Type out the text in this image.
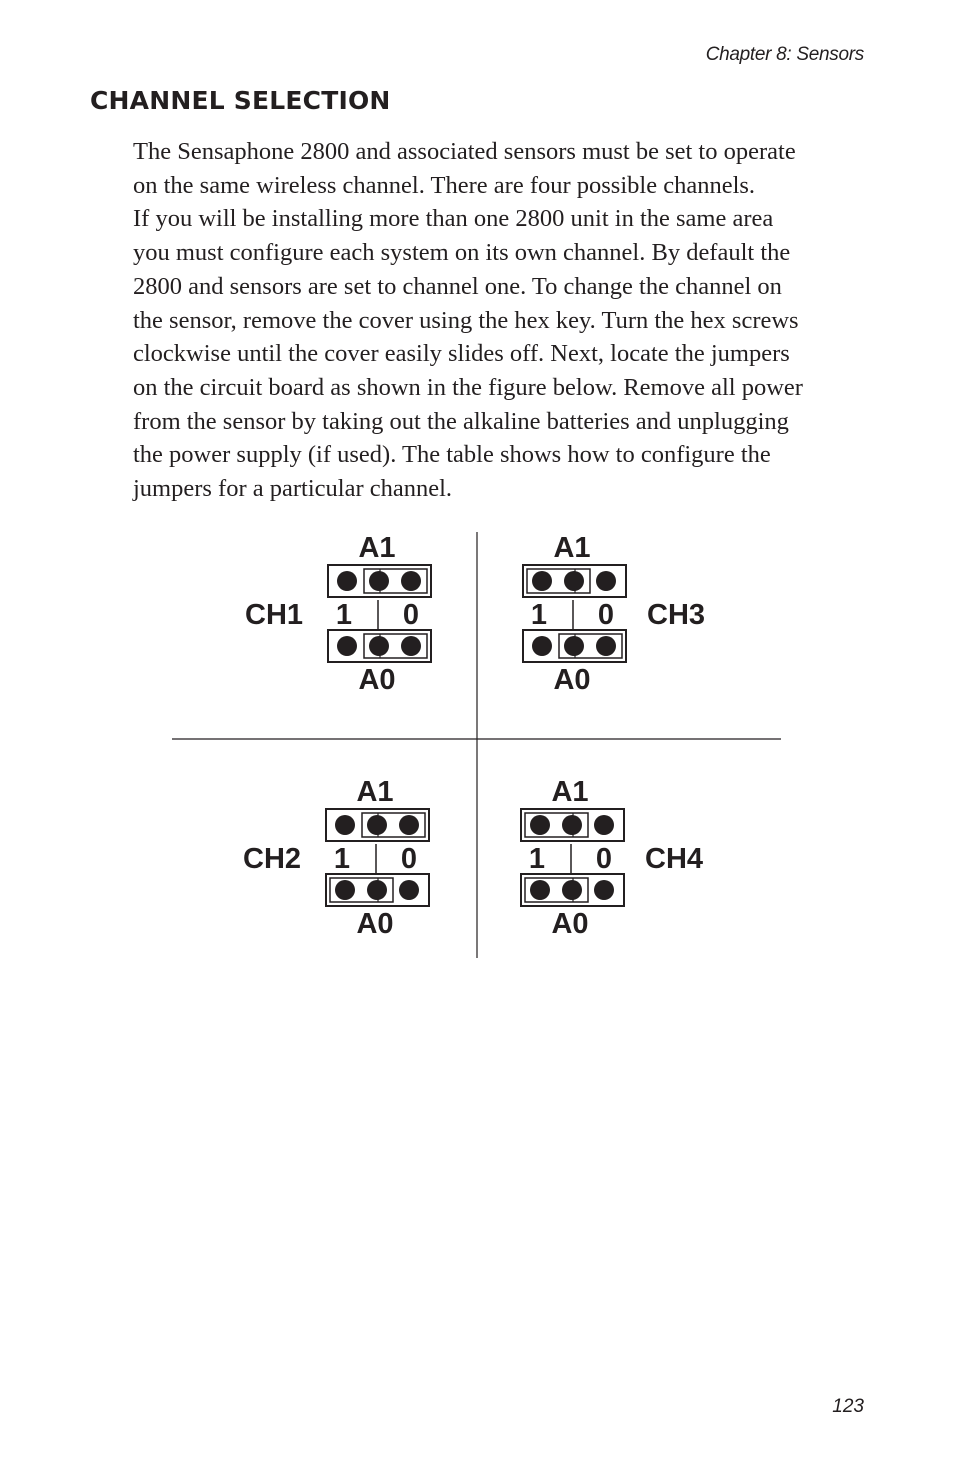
Chapter 8: Sensors
CHANNEL SELECTION
The Sensaphone 2800 and associated sensors must be set to operate
on the same wireless channel. There are four possible channels.
If you will be installing more than one 2800 unit in the same area
you must configure each system on its own channel. By default the
2800 and sensors are set to channel one. To change the channel on
the sensor, remove the cover using the hex key. Turn the hex screws
clockwise until the cover easily slides off. Next, locate the jumpers
on the circuit board as shown in the figure below. Remove all power
from the sensor by taking out the alkaline batteries and unplugging
the power supply (if used). The table shows how to configure the
jumpers for a particular channel.
A1
1 0
A0
CH1
A1
1 0
A0
CH3
A1
1 0
A0
CH2
A1
1 0
A0
CH4
123
